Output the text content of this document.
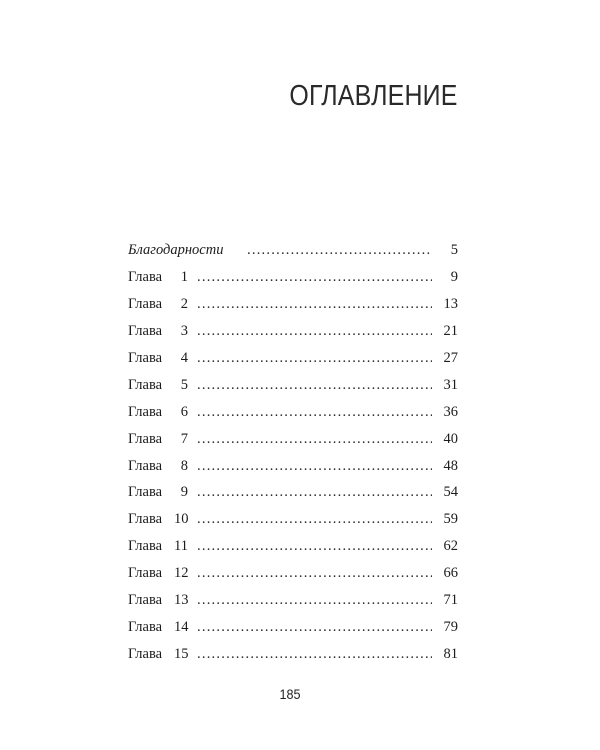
ОГЛАВЛЕНИЕ
Благодарности . . .	5
Глава	1 . . .	9
Глава	2 . . .	13
Глава	3 . . .	21
Глава	4 . . .	27
Глава	5 . . .	31
Глава	6 . . .	36
Глава	7 . . .	40
Глава	8 . . .	48
Глава	9 . . .	54
Глава 10 . . .	59
Глава 11 . . .	62
Глава 12 . . .	66
Глава 13 . . .	71
Глава 14 . . .	79
Глава 15 . . .	81
185
